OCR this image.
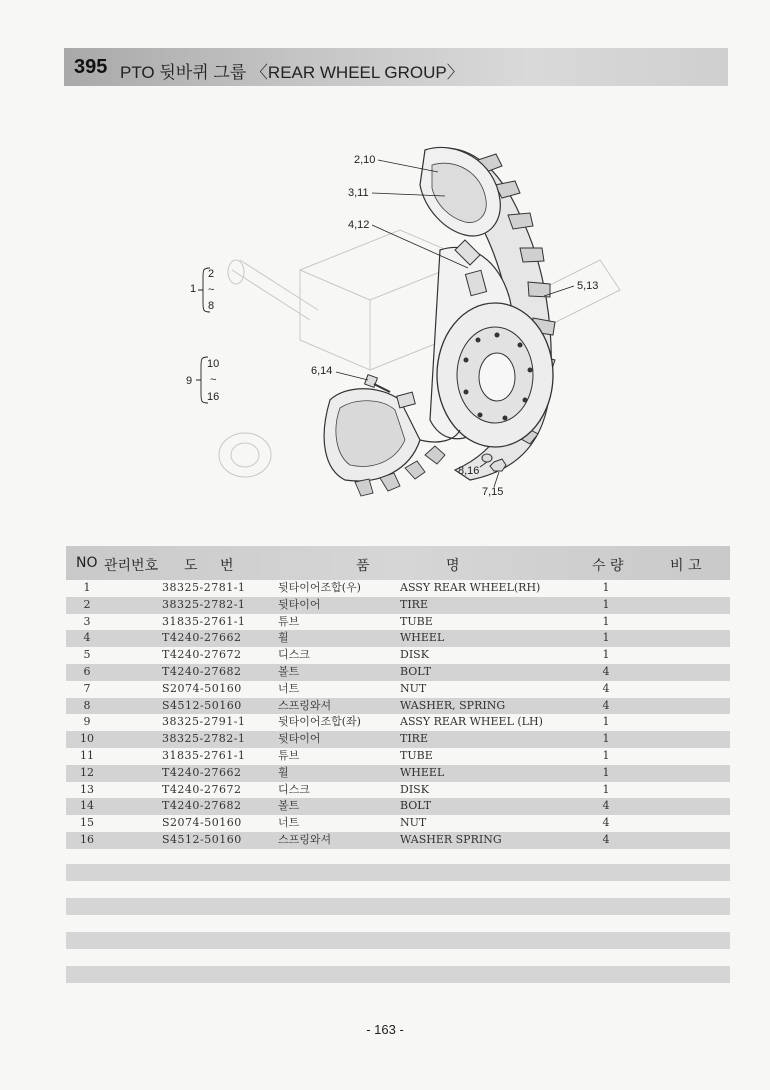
395 PTO 뒷바퀴 그룹 〈REAR WHEEL GROUP〉
2,10
3,11
4,12
5,13
6,14
8,16
7,15
1
2
~
8
9
10
~
16
NO 관리번호 도 번	품	명	수 량	비 고
1	38325-2781-1	뒷타이어조합(우)	ASSY REAR WHEEL(RH)	1
2	38325-2782-1	뒷타이어	TIRE	1
3	31835-2761-1	튜브	TUBE	1
4	T4240-27662	휠	WHEEL	1
5	T4240-27672	디스크	DISK	1
6	T4240-27682	볼트	BOLT	4
7	S2074-50160	너트	NUT	4
8	S4512-50160	스프링와셔	WASHER, SPRING	4
9	38325-2791-1	뒷타이어조합(좌)	ASSY REAR WHEEL (LH)	1
10	38325-2782-1	뒷타이어	TIRE	1
11	31835-2761-1	튜브	TUBE	1
12	T4240-27662	휠	WHEEL	1
13	T4240-27672	디스크	DISK	1
14	T4240-27682	볼트	BOLT	4
15	S2074-50160	너트	NUT	4
16	S4512-50160	스프링와셔	WASHER SPRING	4
- 163 -
